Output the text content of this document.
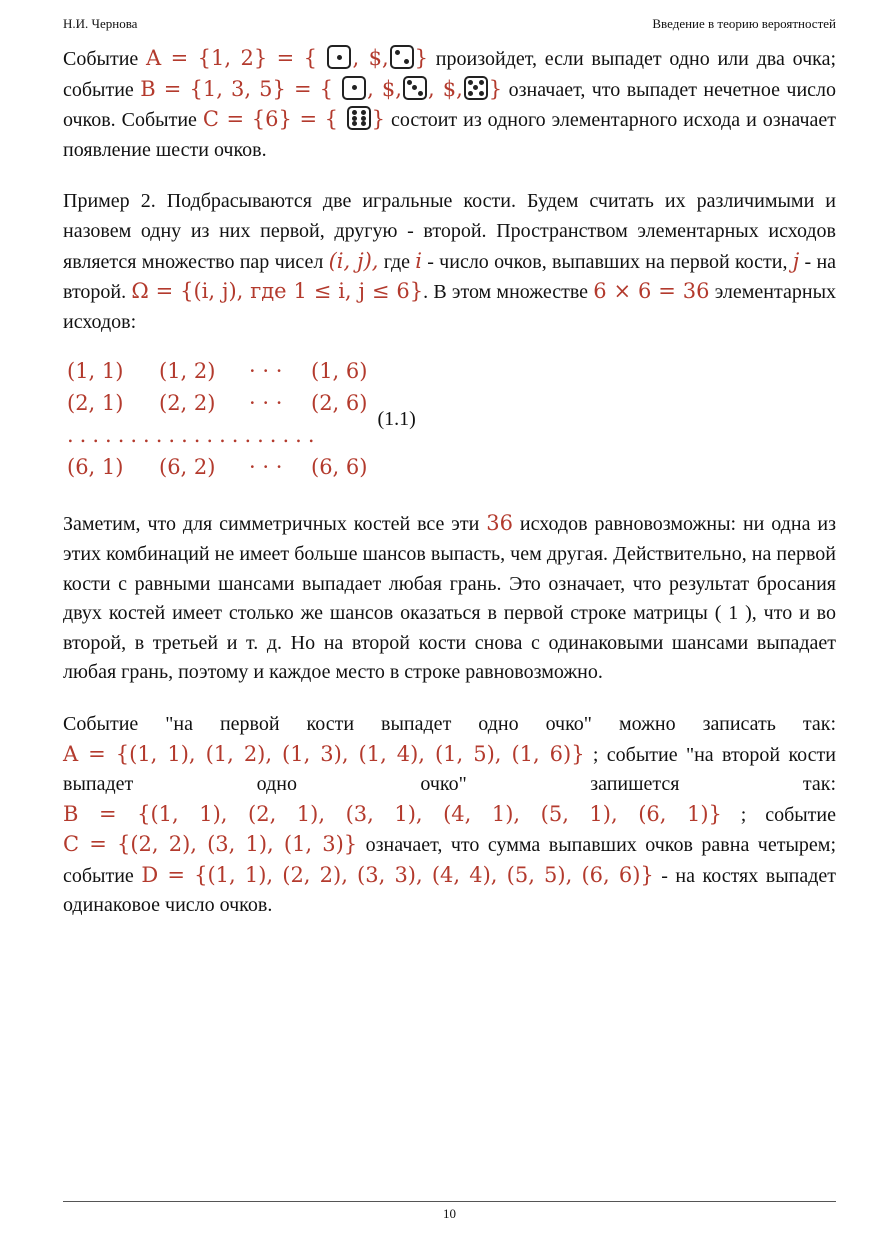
Н.И. Чернова	Введение в теорию вероятностей

Событие A = {1, 2} = { , $, } произойдет, если выпадет одно или два очка; событие B = {1, 3, 5} = { , $, , $, } означает, что выпадет нечетное число очков. Событие C = {6} = { } состоит из одного элементарного исхода и означает появление шести очков.

Пример 2. Подбрасываются две игральные кости. Будем считать их различимыми и назовем одну из них первой, другую - второй. Пространством элементарных исходов является множество пар чисел (i, j), где i - число очков, выпавших на первой кости, j - на второй. Ω = {(i, j), где 1 ≤ i, j ≤ 6}. В этом множестве 6 × 6 = 36 элементарных исходов:

(1, 1)	(1, 2)	· · ·	(1, 6)
(2, 1)	(2, 2)	· · ·	(2, 6)
....................
(6, 1)	(6, 2)	· · ·	(6, 6)
(1.1)

Заметим, что для симметричных костей все эти 36 исходов равновозможны: ни одна из этих комбинаций не имеет больше шансов выпасть, чем другая. Действительно, на первой кости с равными шансами выпадает любая грань. Это означает, что результат бросания двух костей имеет столько же шансов оказаться в первой строке матрицы ( 1 ), что и во второй, в третьей и т. д. Но на второй кости снова с одинаковыми шансами выпадает любая грань, поэтому и каждое место в строке равновозможно.

Событие "на первой кости выпадет одно очко" можно записать так: A = {(1, 1), (1, 2), (1, 3), (1, 4), (1, 5), (1, 6)} ; событие "на второй кости выпадет одно очко" запишется так: B = {(1, 1), (2, 1), (3, 1), (4, 1), (5, 1), (6, 1)} ; событие C = {(2, 2), (3, 1), (1, 3)} означает, что сумма выпавших очков равна четырем; событие D = {(1, 1), (2, 2), (3, 3), (4, 4), (5, 5), (6, 6)} - на костях выпадет одинаковое число очков.

10
